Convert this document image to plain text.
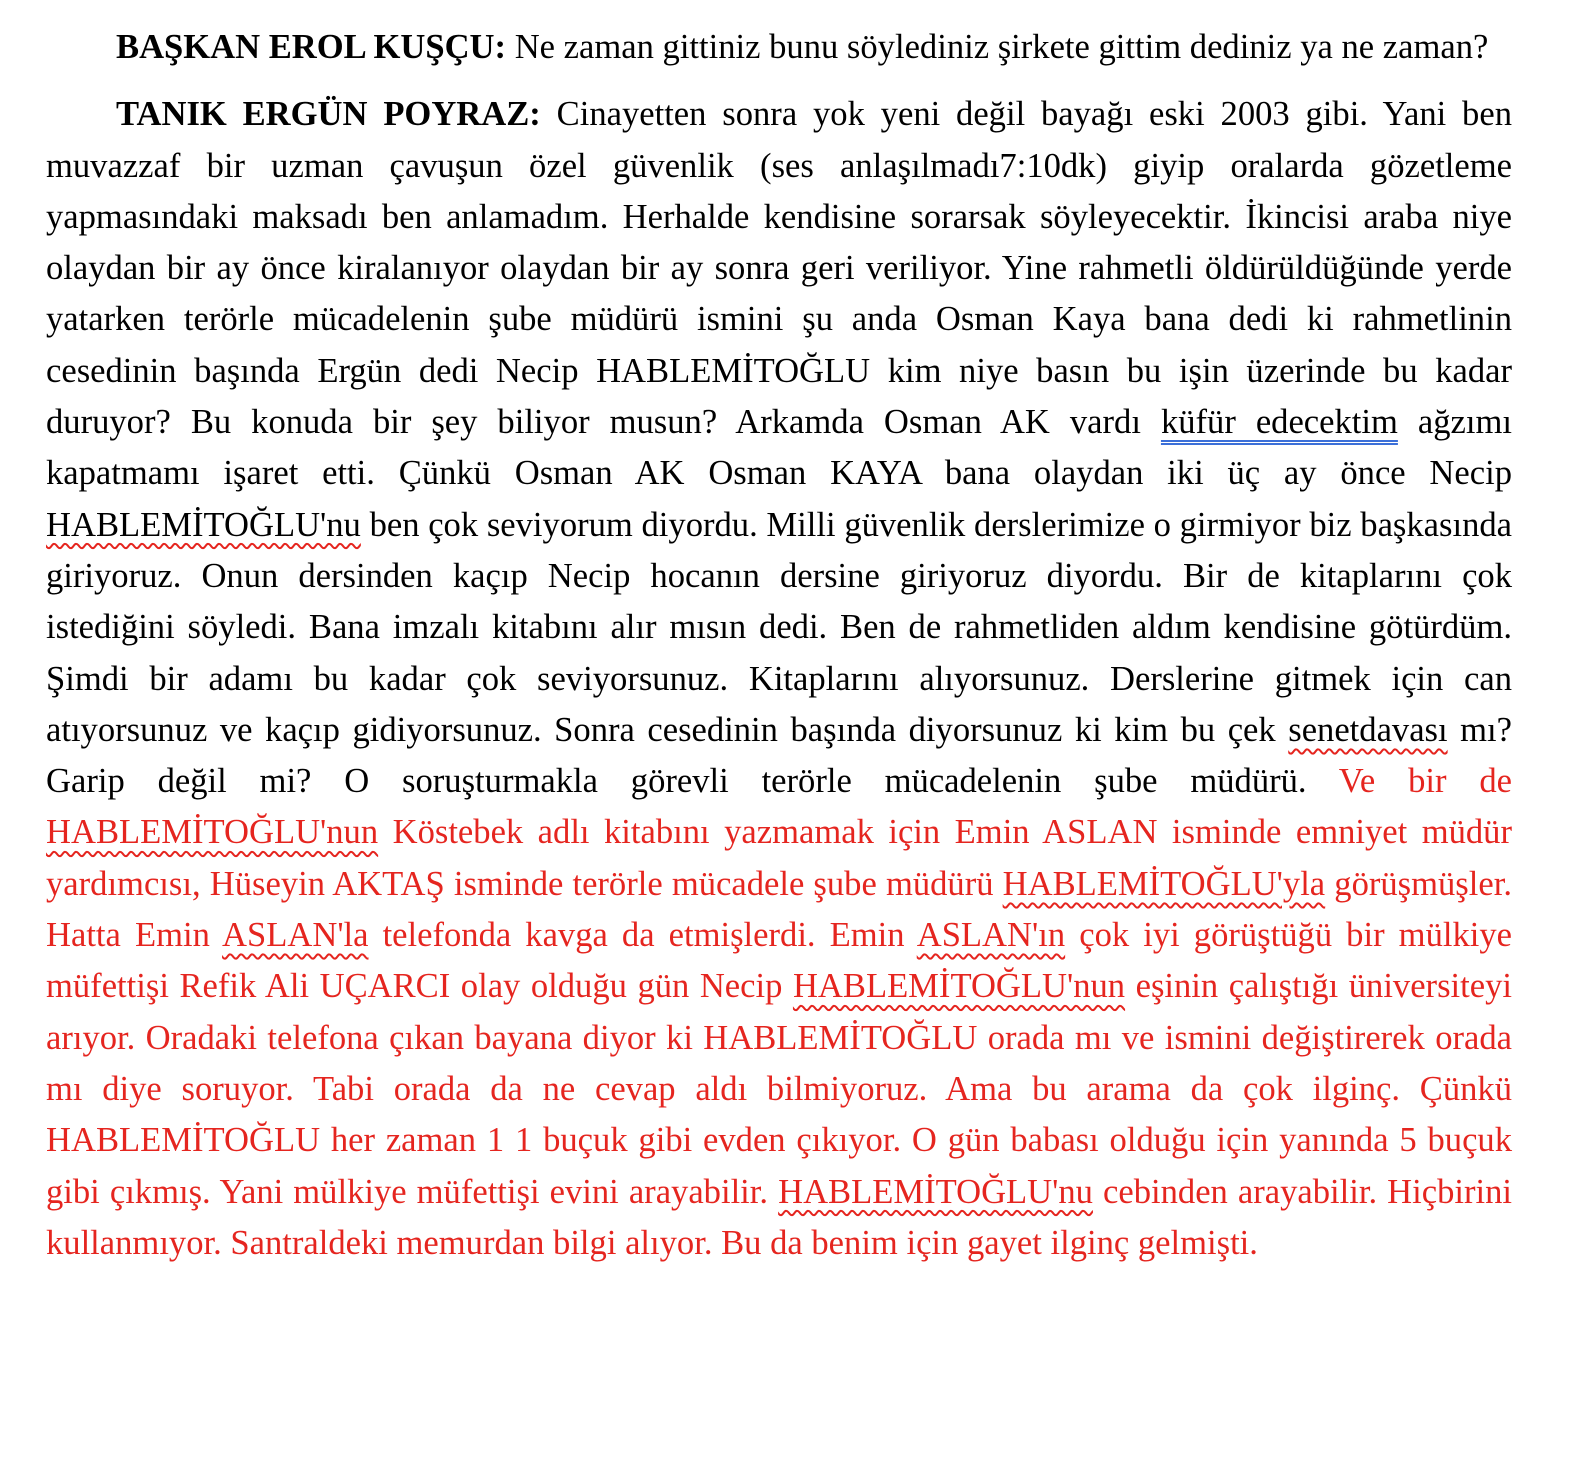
BAŞKAN EROL KUŞÇU: Ne zaman gittiniz bunu söylediniz şirkete gittim dediniz ya ne zaman?

TANIK ERGÜN POYRAZ: Cinayetten sonra yok yeni değil bayağı eski 2003 gibi. Yani ben muvazzaf bir uzman çavuşun özel güvenlik (ses anlaşılmadı7:10dk) giyip oralarda gözetleme yapmasındaki maksadı ben anlamadım. Herhalde kendisine sorarsak söyleyecektir. İkincisi araba niye olaydan bir ay önce kiralanıyor olaydan bir ay sonra geri veriliyor. Yine rahmetli öldürüldüğünde yerde yatarken terörle mücadelenin şube müdürü ismini şu anda Osman Kaya bana dedi ki rahmetlinin cesedinin başında Ergün dedi Necip HABLEMİTOĞLU kim niye basın bu işin üzerinde bu kadar duruyor? Bu konuda bir şey biliyor musun? Arkamda Osman AK vardı küfür edecektim ağzımı kapatmamı işaret etti. Çünkü Osman AK Osman KAYA bana olaydan iki üç ay önce Necip HABLEMİTOĞLU'nu ben çok seviyorum diyordu. Milli güvenlik derslerimize o girmiyor biz başkasında giriyoruz. Onun dersinden kaçıp Necip hocanın dersine giriyoruz diyordu. Bir de kitaplarını çok istediğini söyledi. Bana imzalı kitabını alır mısın dedi. Ben de rahmetliden aldım kendisine götürdüm. Şimdi bir adamı bu kadar çok seviyorsunuz. Kitaplarını alıyorsunuz. Derslerine gitmek için can atıyorsunuz ve kaçıp gidiyorsunuz. Sonra cesedinin başında diyorsunuz ki kim bu çek senetdavası mı? Garip değil mi? O soruşturmakla görevli terörle mücadelenin şube müdürü. Ve bir de HABLEMİTOĞLU'nun Köstebek adlı kitabını yazmamak için Emin ASLAN isminde emniyet müdür yardımcısı, Hüseyin AKTAŞ isminde terörle mücadele şube müdürü HABLEMİTOĞLU'yla görüşmüşler. Hatta Emin ASLAN'la telefonda kavga da etmişlerdi. Emin ASLAN'ın çok iyi görüştüğü bir mülkiye müfettişi Refik Ali UÇARCI olay olduğu gün Necip HABLEMİTOĞLU'nun eşinin çalıştığı üniversiteyi arıyor. Oradaki telefona çıkan bayana diyor ki HABLEMİTOĞLU orada mı ve ismini değiştirerek orada mı diye soruyor. Tabi orada da ne cevap aldı bilmiyoruz. Ama bu arama da çok ilginç. Çünkü HABLEMİTOĞLU her zaman 1 1 buçuk gibi evden çıkıyor. O gün babası olduğu için yanında 5 buçuk gibi çıkmış. Yani mülkiye müfettişi evini arayabilir. HABLEMİTOĞLU'nu cebinden arayabilir. Hiçbirini kullanmıyor. Santraldeki memurdan bilgi alıyor. Bu da benim için gayet ilginç gelmişti.
